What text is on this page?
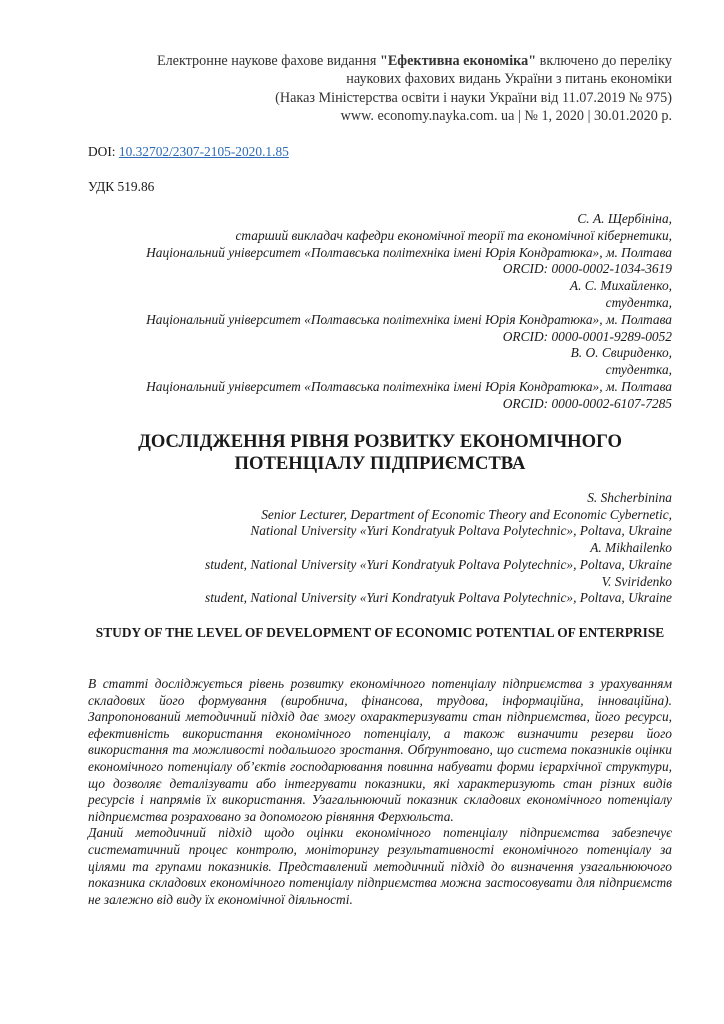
Електронне наукове фахове видання "Ефективна економіка" включено до переліку
наукових фахових видань України з питань економіки
(Наказ Міністерства освіти і науки України від 11.07.2019 № 975)
www. economy.nayka.com. ua | № 1, 2020 | 30.01.2020 р.
DOI: 10.32702/2307-2105-2020.1.85
УДК 519.86
С. А. Щербініна,
старший викладач кафедри економічної теорії та економічної кібернетики,
Національний університет «Полтавська політехніка імені Юрія Кондратюка», м. Полтава
ORCID: 0000-0002-1034-3619
А. С. Михайленко,
студентка,
Національний університет «Полтавська політехніка імені Юрія Кондратюка», м. Полтава
ORCID: 0000-0001-9289-0052
В. О. Свириденко,
студентка,
Національний університет «Полтавська політехніка імені Юрія Кондратюка», м. Полтава
ORCID: 0000-0002-6107-7285
ДОСЛІДЖЕННЯ РІВНЯ РОЗВИТКУ ЕКОНОМІЧНОГО
ПОТЕНЦІАЛУ ПІДПРИЄМСТВА
S. Shcherbinina
Senior Lecturer, Department of Economic Theory and Economic Cybernetic,
National University «Yuri Kondratyuk Poltava Polytechnic», Poltava, Ukraine
A. Mikhailenko
student, National University «Yuri Kondratyuk Poltava Polytechnic», Poltava, Ukraine
V. Sviridenko
student, National University «Yuri Kondratyuk Poltava Polytechnic», Poltava, Ukraine
STUDY OF THE LEVEL OF DEVELOPMENT OF ECONOMIC POTENTIAL OF ENTERPRISE

В статті досліджується рівень розвитку економічного потенціалу підприємства з урахуванням складових його формування (виробнича, фінансова, трудова, інформаційна, інноваційна). Запропонований методичний підхід дає змогу охарактеризувати стан підприємства, його ресурси, ефективність використання економічного потенціалу, а також визначити резерви його використання та можливості подальшого зростання. Обґрунтовано, що система показників оцінки економічного потенціалу об’єктів господарювання повинна набувати форми ієрархічної структури, що дозволяє деталізувати або інтегрувати показники, які характеризують стан різних видів ресурсів і напрямів їх використання. Узагальнюючий показник складових економічного потенціалу підприємства розраховано за допомогою рівняння Ферхюльста.

Даний методичний підхід щодо оцінки економічного потенціалу підприємства забезпечує систематичний процес контролю, моніторингу результативності економічного потенціалу за цілями та групами показників. Представлений методичний підхід до визначення узагальнюючого показника складових економічного потенціалу підприємства можна застосовувати для підприємств не залежно від виду їх економічної діяльності.
